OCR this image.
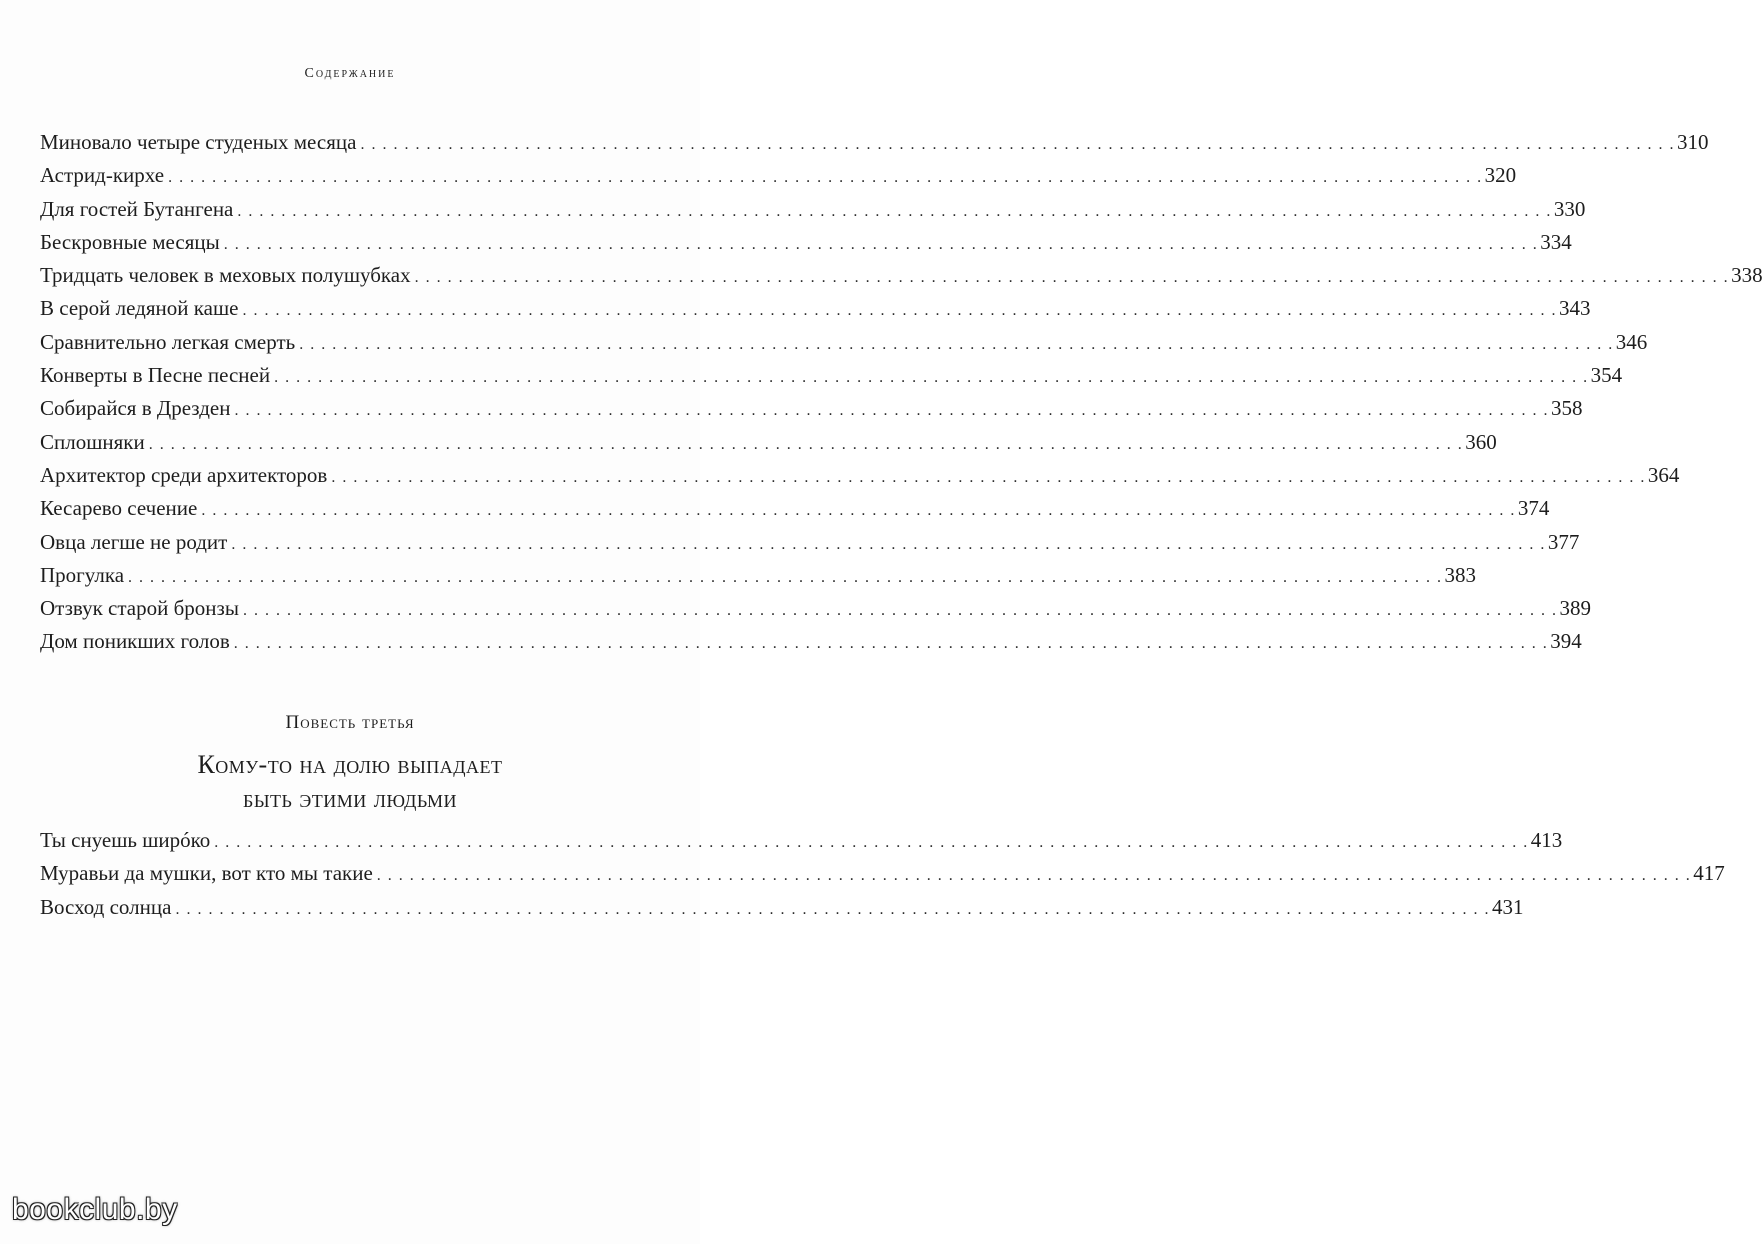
Содержание
Миновало четыре студеных месяца . . . . . . . . . . . . . . . . . . . . . . . . . . . . . . . . . . . . . . . . . . . . . . . . . . . . . . . . . . . . . . . . . . . . . . . . . . . . . . . . . . . . . . . . . . . . . . . . . . . . . . . . . . . . . . . . . . . . . . . . 310
Астрид-кирхе . . . . . . . . . . . . . . . . . . . . . . . . . . . . . . . . . . . . . . . . . . . . . . . . . . . . . . . . . . . . . . . . . . . . . . . . . . . . . . . . . . . . . . . . . . . . . . . . . . . . . . . . . . . . . . . . . . . . . . . . 320
Для гостей Бутангена . . . . . . . . . . . . . . . . . . . . . . . . . . . . . . . . . . . . . . . . . . . . . . . . . . . . . . . . . . . . . . . . . . . . . . . . . . . . . . . . . . . . . . . . . . . . . . . . . . . . . . . . . . . . . . . . . . . . . . . . 330
Бескровные месяцы . . . . . . . . . . . . . . . . . . . . . . . . . . . . . . . . . . . . . . . . . . . . . . . . . . . . . . . . . . . . . . . . . . . . . . . . . . . . . . . . . . . . . . . . . . . . . . . . . . . . . . . . . . . . . . . . . . . . . . . . 334
Тридцать человек в меховых полушубках . . . . . . . . . . . . . . . . . . . . . . . . . . . . . . . . . . . . . . . . . . . . . . . . . . . . . . . . . . . . . . . . . . . . . . . . . . . . . . . . . . . . . . . . . . . . . . . . . . . . . . . . . . . . . . . . . . . . . . . . 338
В серой ледяной каше . . . . . . . . . . . . . . . . . . . . . . . . . . . . . . . . . . . . . . . . . . . . . . . . . . . . . . . . . . . . . . . . . . . . . . . . . . . . . . . . . . . . . . . . . . . . . . . . . . . . . . . . . . . . . . . . . . . . . . . . 343
Сравнительно легкая смерть . . . . . . . . . . . . . . . . . . . . . . . . . . . . . . . . . . . . . . . . . . . . . . . . . . . . . . . . . . . . . . . . . . . . . . . . . . . . . . . . . . . . . . . . . . . . . . . . . . . . . . . . . . . . . . . . . . . . . . . . 346
Конверты в Песне песней . . . . . . . . . . . . . . . . . . . . . . . . . . . . . . . . . . . . . . . . . . . . . . . . . . . . . . . . . . . . . . . . . . . . . . . . . . . . . . . . . . . . . . . . . . . . . . . . . . . . . . . . . . . . . . . . . . . . . . . . 354
Собирайся в Дрезден . . . . . . . . . . . . . . . . . . . . . . . . . . . . . . . . . . . . . . . . . . . . . . . . . . . . . . . . . . . . . . . . . . . . . . . . . . . . . . . . . . . . . . . . . . . . . . . . . . . . . . . . . . . . . . . . . . . . . . . . 358
Сплошняки . . . . . . . . . . . . . . . . . . . . . . . . . . . . . . . . . . . . . . . . . . . . . . . . . . . . . . . . . . . . . . . . . . . . . . . . . . . . . . . . . . . . . . . . . . . . . . . . . . . . . . . . . . . . . . . . . . . . . . . . 360
Архитектор среди архитекторов . . . . . . . . . . . . . . . . . . . . . . . . . . . . . . . . . . . . . . . . . . . . . . . . . . . . . . . . . . . . . . . . . . . . . . . . . . . . . . . . . . . . . . . . . . . . . . . . . . . . . . . . . . . . . . . . . . . . . . . . 364
Кесарево сечение . . . . . . . . . . . . . . . . . . . . . . . . . . . . . . . . . . . . . . . . . . . . . . . . . . . . . . . . . . . . . . . . . . . . . . . . . . . . . . . . . . . . . . . . . . . . . . . . . . . . . . . . . . . . . . . . . . . . . . . . 374
Овца легше не родит . . . . . . . . . . . . . . . . . . . . . . . . . . . . . . . . . . . . . . . . . . . . . . . . . . . . . . . . . . . . . . . . . . . . . . . . . . . . . . . . . . . . . . . . . . . . . . . . . . . . . . . . . . . . . . . . . . . . . . . . 377
Прогулка . . . . . . . . . . . . . . . . . . . . . . . . . . . . . . . . . . . . . . . . . . . . . . . . . . . . . . . . . . . . . . . . . . . . . . . . . . . . . . . . . . . . . . . . . . . . . . . . . . . . . . . . . . . . . . . . . . . . . . . . 383
Отзвук старой бронзы . . . . . . . . . . . . . . . . . . . . . . . . . . . . . . . . . . . . . . . . . . . . . . . . . . . . . . . . . . . . . . . . . . . . . . . . . . . . . . . . . . . . . . . . . . . . . . . . . . . . . . . . . . . . . . . . . . . . . . . . 389
Дом поникших голов . . . . . . . . . . . . . . . . . . . . . . . . . . . . . . . . . . . . . . . . . . . . . . . . . . . . . . . . . . . . . . . . . . . . . . . . . . . . . . . . . . . . . . . . . . . . . . . . . . . . . . . . . . . . . . . . . . . . . . . . 394
Повесть третья
Кому-то на долю выпадает
быть этими людьми
Ты снуешь ширóко . . . . . . . . . . . . . . . . . . . . . . . . . . . . . . . . . . . . . . . . . . . . . . . . . . . . . . . . . . . . . . . . . . . . . . . . . . . . . . . . . . . . . . . . . . . . . . . . . . . . . . . . . . . . . . . . . . . . . . . . 413
Муравьи да мушки, вот кто мы такие . . . . . . . . . . . . . . . . . . . . . . . . . . . . . . . . . . . . . . . . . . . . . . . . . . . . . . . . . . . . . . . . . . . . . . . . . . . . . . . . . . . . . . . . . . . . . . . . . . . . . . . . . . . . . . . . . . . . . . . . 417
Восход солнца . . . . . . . . . . . . . . . . . . . . . . . . . . . . . . . . . . . . . . . . . . . . . . . . . . . . . . . . . . . . . . . . . . . . . . . . . . . . . . . . . . . . . . . . . . . . . . . . . . . . . . . . . . . . . . . . . . . . . . . . 431
bookclub.by
